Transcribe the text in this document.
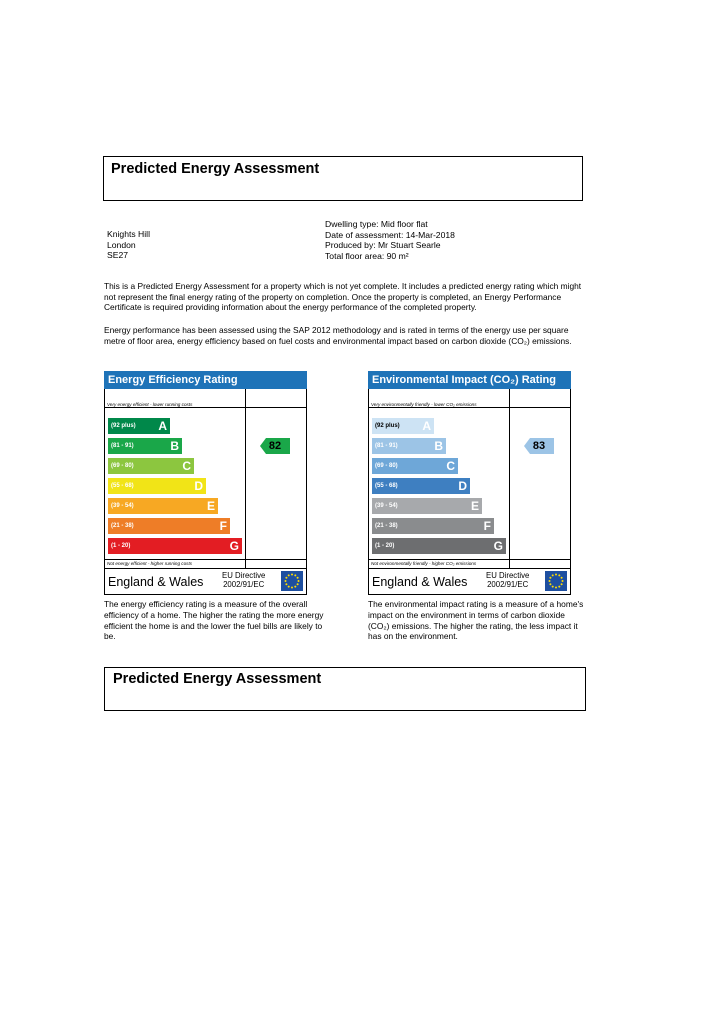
Predicted Energy Assessment
Knights Hill
London
SE27
Dwelling type: Mid floor flat
Date of assessment: 14-Mar-2018
Produced by: Mr Stuart Searle
Total floor area: 90 m²
This is a Predicted Energy Assessment for a property which is not yet complete. It includes a predicted energy rating which might not represent the final energy rating of the property on completion. Once the property is completed, an Energy Performance Certificate is required providing information about the energy performance of the completed property.
Energy performance has been assessed using the SAP 2012 methodology and is rated in terms of the energy use per square metre of floor area, energy efficiency based on fuel costs and environmental impact based on carbon dioxide (CO₂) emissions.
Energy Efficiency Rating
Very energy efficient - lower running costs
(92 plus) A
(81 - 91)	B
(69 - 80)	C
(55 - 68)	D
(39 - 54)	E
(21 - 38)	F
(1 - 20)	G
82
Not energy efficient - higher running costs
England & Wales EU Directive
2002/91/EC
Environmental Impact (CO₂) Rating
Very environmentally friendly - lower CO₂ emissions
(92 plus) A
(81 - 91)	B
(69 - 80)	C
(55 - 68)	D
(39 - 54)	E
(21 - 38)	F
(1 - 20)	G
83
Not environmentally friendly - higher CO₂ emissions
England & Wales EU Directive
2002/91/EC
The energy efficiency rating is a measure of the overall efficiency of a home. The higher the rating the more energy efficient the home is and the lower the fuel bills are likely to be.
The environmental impact rating is a measure of a home's impact on the environment in terms of carbon dioxide (CO₂) emissions. The higher the rating, the less impact it has on the environment.
Predicted Energy Assessment
